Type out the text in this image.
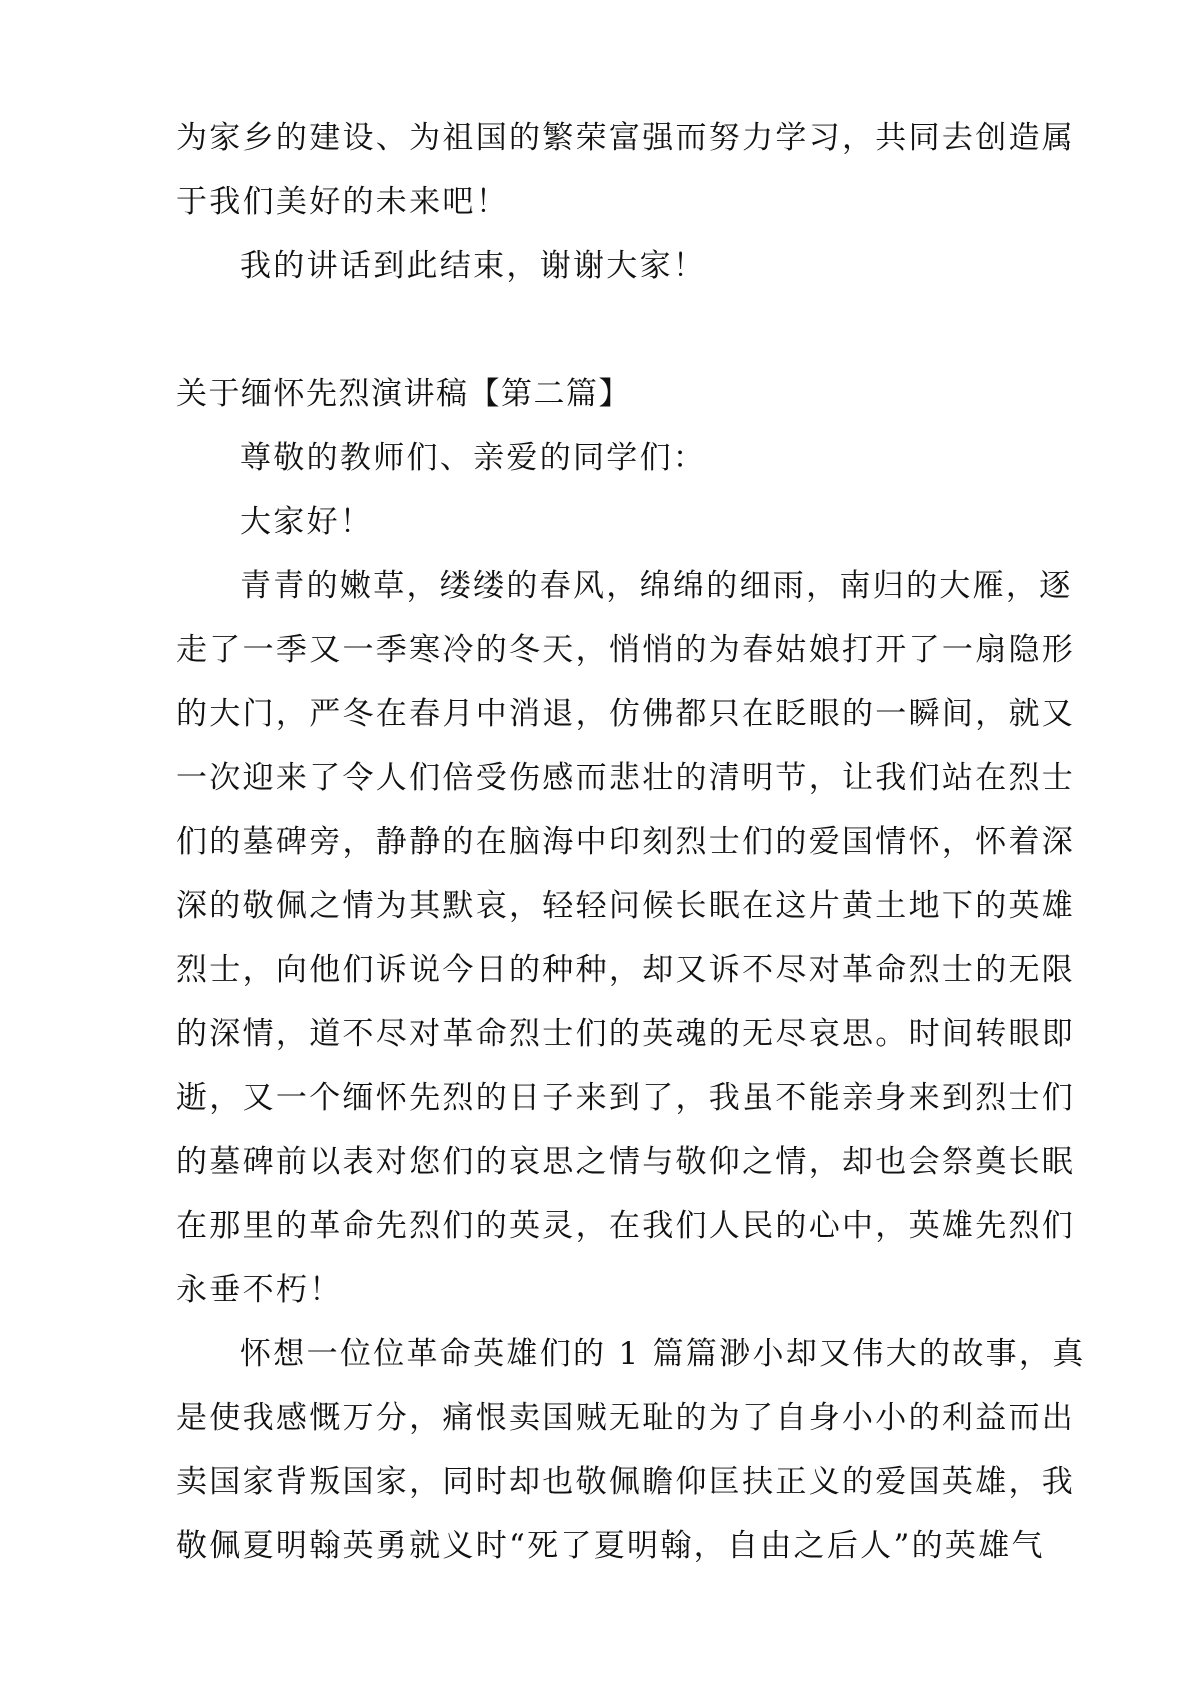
为家乡的建设、为祖国的繁荣富强而努力学习，共同去创造属
于我们美好的未来吧！
我的讲话到此结束，谢谢大家！
关于缅怀先烈演讲稿【第二篇】
尊敬的教师们、亲爱的同学们：
大家好！
青青的嫩草，缕缕的春风，绵绵的细雨，南归的大雁，逐
走了一季又一季寒冷的冬天，悄悄的为春姑娘打开了一扇隐形
的大门，严冬在春月中消退，仿佛都只在眨眼的一瞬间，就又
一次迎来了令人们倍受伤感而悲壮的清明节，让我们站在烈士
们的墓碑旁，静静的在脑海中印刻烈士们的爱国情怀，怀着深
深的敬佩之情为其默哀，轻轻问候长眠在这片黄土地下的英雄
烈士，向他们诉说今日的种种，却又诉不尽对革命烈士的无限
的深情，道不尽对革命烈士们的英魂的无尽哀思。时间转眼即
逝，又一个缅怀先烈的日子来到了，我虽不能亲身来到烈士们
的墓碑前以表对您们的哀思之情与敬仰之情，却也会祭奠长眠
在那里的革命先烈们的英灵，在我们人民的心中，英雄先烈们
永垂不朽！
怀想一位位革命英雄们的 1 篇篇渺小却又伟大的故事，真
是使我感慨万分，痛恨卖国贼无耻的为了自身小小的利益而出
卖国家背叛国家，同时却也敬佩瞻仰匡扶正义的爱国英雄，我
敬佩夏明翰英勇就义时“死了夏明翰，自由之后人”的英雄气
